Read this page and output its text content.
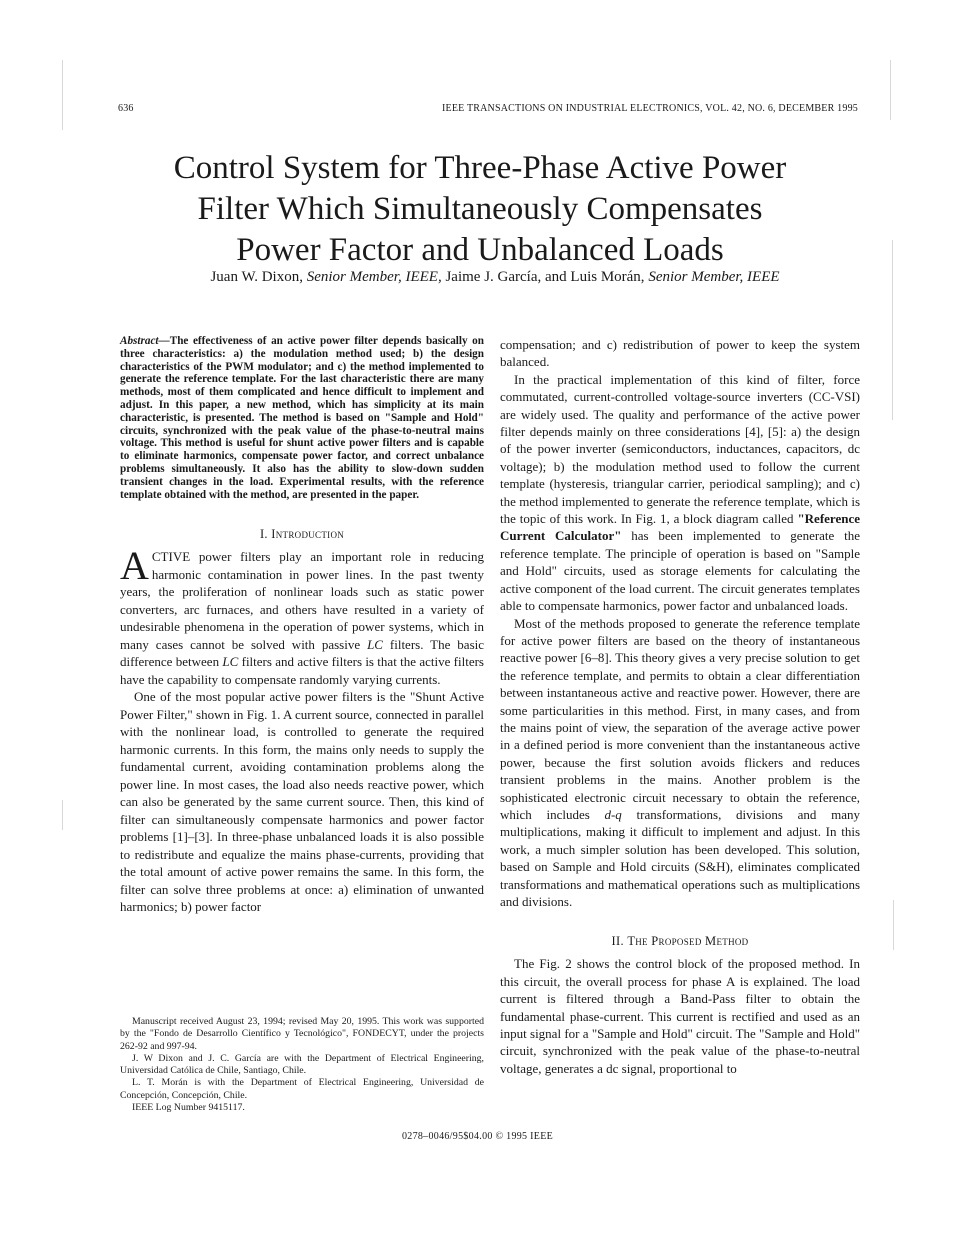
636	IEEE TRANSACTIONS ON INDUSTRIAL ELECTRONICS, VOL. 42, NO. 6, DECEMBER 1995
Control System for Three-Phase Active Power
Filter Which Simultaneously Compensates
Power Factor and Unbalanced Loads
Juan W. Dixon, Senior Member, IEEE, Jaime J. García, and Luis Morán, Senior Member, IEEE
Abstract—The effectiveness of an active power filter depends basically on three characteristics: a) the modulation method used; b) the design characteristics of the PWM modulator; and c) the method implemented to generate the reference template. For the last characteristic there are many methods, most of them complicated and hence difficult to implement and adjust. In this paper, a new method, which has simplicity at its main characteristic, is presented. The method is based on "Sample and Hold" circuits, synchronized with the peak value of the phase-to-neutral mains voltage. This method is useful for shunt active power filters and is capable to eliminate harmonics, compensate power factor, and correct unbalance problems simultaneously. It also has the ability to slow-down sudden transient changes in the load. Experimental results, with the reference template obtained with the method, are presented in the paper.
I. Introduction

ACTIVE power filters play an important role in reducing harmonic contamination in power lines. In the past twenty years, the proliferation of nonlinear loads such as static power converters, arc furnaces, and others have resulted in a variety of undesirable phenomena in the operation of power systems, which in many cases cannot be solved with passive LC filters. The basic difference between LC filters and active filters is that the active filters have the capability to compensate randomly varying currents.

One of the most popular active power filters is the "Shunt Active Power Filter," shown in Fig. 1. A current source, connected in parallel with the nonlinear load, is controlled to generate the required harmonic currents. In this form, the mains only needs to supply the fundamental current, avoiding contamination problems along the power line. In most cases, the load also needs reactive power, which can also be generated by the same current source. Then, this kind of filter can simultaneously compensate harmonics and power factor problems [1]–[3]. In three-phase unbalanced loads it is also possible to redistribute and equalize the mains phase-currents, providing that the total amount of active power remains the same. In this form, the filter can solve three problems at once: a) elimination of unwanted harmonics; b) power factor

compensation; and c) redistribution of power to keep the system balanced.

In the practical implementation of this kind of filter, force commutated, current-controlled voltage-source inverters (CC-VSI) are widely used. The quality and performance of the active power filter depends mainly on three considerations [4], [5]: a) the design of the power inverter (semiconductors, inductances, capacitors, dc voltage); b) the modulation method used to follow the current template (hysteresis, triangular carrier, periodical sampling); and c) the method implemented to generate the reference template, which is the topic of this work. In Fig. 1, a block diagram called "Reference Current Calculator" has been implemented to generate the reference template. The principle of operation is based on "Sample and Hold" circuits, used as storage elements for calculating the active component of the load current. The circuit generates templates able to compensate harmonics, power factor and unbalanced loads.

Most of the methods proposed to generate the reference template for active power filters are based on the theory of instantaneous reactive power [6–8]. This theory gives a very precise solution to get the reference template, and permits to obtain a clear differentiation between instantaneous active and reactive power. However, there are some particularities in this method. First, in many cases, and from the mains point of view, the separation of the average active power in a defined period is more convenient than the instantaneous active power, because the first solution avoids flickers and reduces transient problems in the mains. Another problem is the sophisticated electronic circuit necessary to obtain the reference, which includes d-q transformations, divisions and many multiplications, making it difficult to implement and adjust. In this work, a much simpler solution has been developed. This solution, based on Sample and Hold circuits (S&H), eliminates complicated transformations and mathematical operations such as multiplications and divisions.

II. The Proposed Method

The Fig. 2 shows the control block of the proposed method. In this circuit, the overall process for phase A is explained. The load current is filtered through a Band-Pass filter to obtain the fundamental phase-current. This current is rectified and used as an input signal for a "Sample and Hold" circuit. The "Sample and Hold" circuit, synchronized with the peak value of the phase-to-neutral voltage, generates a dc signal, proportional to

Manuscript received August 23, 1994; revised May 20, 1995. This work was supported by the "Fondo de Desarrollo Científico y Tecnológico", FONDECYT, under the projects 262-92 and 997-94.

J. W Dixon and J. C. García are with the Department of Electrical Engineering, Universidad Católica de Chile, Santiago, Chile.

L. T. Morán is with the Department of Electrical Engineering, Universidad de Concepción, Concepción, Chile.

IEEE Log Number 9415117.

0278–0046/95$04.00 © 1995 IEEE
